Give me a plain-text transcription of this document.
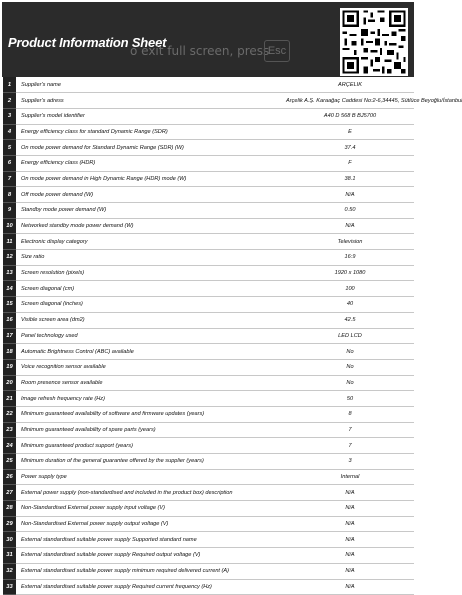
Product Information Sheet
o exit full screen, press
Esc
1	Supplier's name	ARÇELIK
2	Supplier's adress	Arçelik A.Ş. Karaağaç Caddesi No:2-6,34445, Sütlüce Beyoğlu/İstanbul
3	Supplier's model identifier	A40 D 568 B BJ5700
4	Energy efficiency class for standard Dynamic Range (SDR)	E
5	On mode power demand for Standard Dynamic Range (SDR) (W)	37.4
6	Energy efficiency class (HDR)	F
7	On mode power demand in High Dynamic Range (HDR) mode (W)	38.1
8	Off mode power demand (W)	N/A
9	Standby mode power demand (W)	0.50
10	Networked standby mode power demand (W)	N/A
11	Electronic display category	Television
12	Size ratio	16:9
13	Screen resolution (pixels)	1920 x 1080
14	Screen diagonal (cm)	100
15	Screen diagonal (inches)	40
16	Visible screen area (dm2)	42.5
17	Panel technology used	LED LCD
18	Automatic Brightness Control (ABC) available	No
19	Voice recognition sensor available	No
20	Room presence sensor available	No
21	Image refresh frequency rate (Hz)	50
22	Minimum guaranteed availability of software and firmware updates (years)	8
23	Minimum guaranteed availability of spare parts (years)	7
24	Minimum guaranteed product support (years)	7
25	Minimum duration of the general guarantee offered by the supplier (years)	3
26	Power supply type	Internal
27	External power supply (non-standardised and included in the product box) description	N/A
28	Non-Standardised External power supply input voltage (V)	N/A
29	Non-Standardised External power supply output voltage (V)	N/A
30	External standardised suitable power supply Supported standard name	N/A
31	External standardised suitable power supply Required output voltage (V)	N/A
32	External standardised suitable power supply minimum required delivered current (A)	N/A
33	External standardised suitable power supply Required current frequency (Hz)	N/A
